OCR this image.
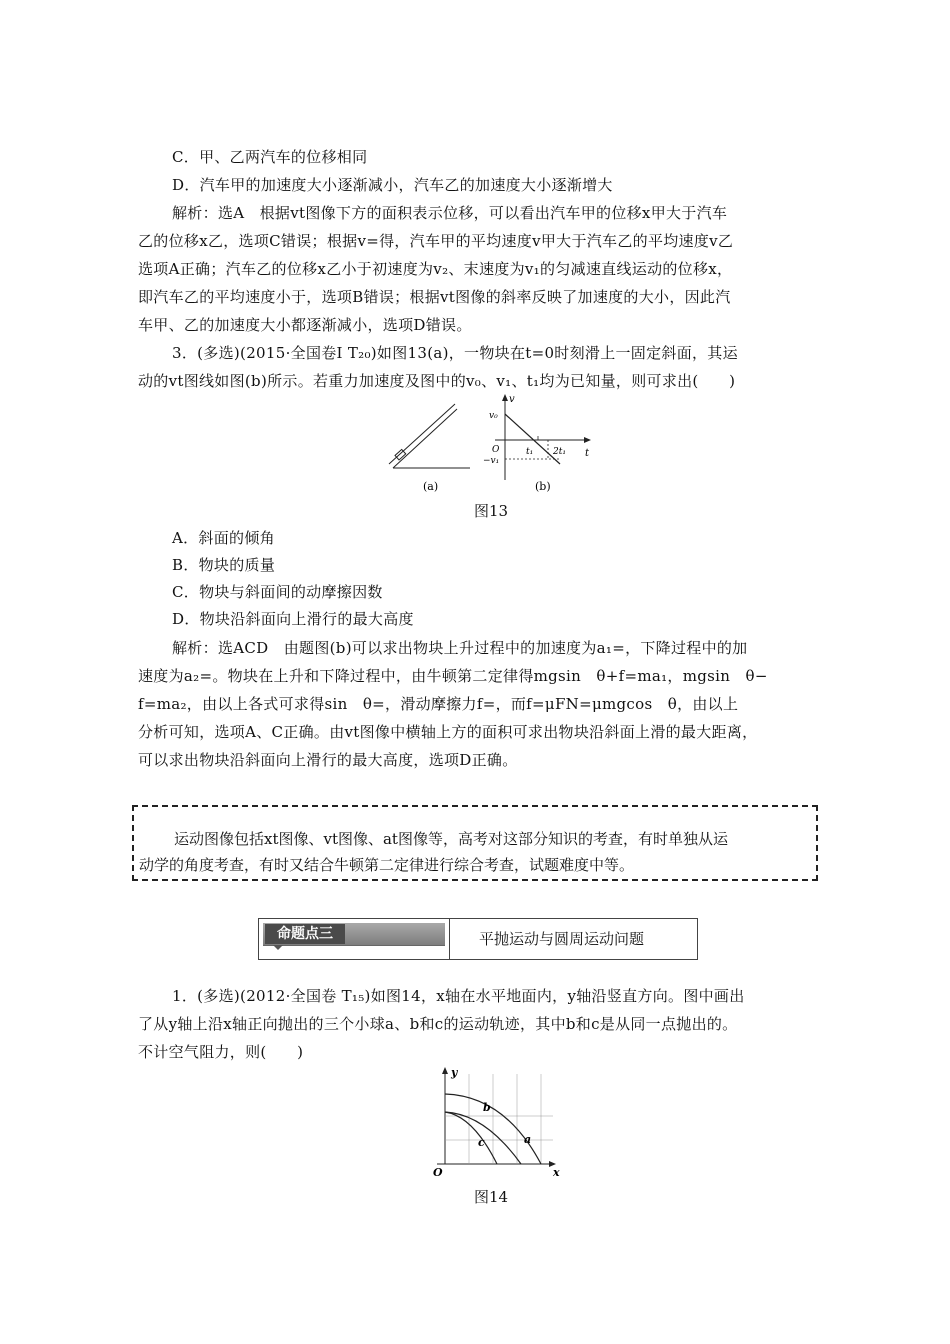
C．甲、乙两汽车的位移相同
D．汽车甲的加速度大小逐渐减小，汽车乙的加速度大小逐渐增大
解析：选A　根据vt图像下方的面积表示位移，可以看出汽车甲的位移x甲大于汽车
乙的位移x乙，选项C错误；根据v=得，汽车甲的平均速度v甲大于汽车乙的平均速度v乙
选项A正确；汽车乙的位移x乙小于初速度为v₂、末速度为v₁的匀减速直线运动的位移x，
即汽车乙的平均速度小于，选项B错误；根据vt图像的斜率反映了加速度的大小，因此汽
车甲、乙的加速度大小都逐渐减小，选项D错误。
3．(多选)(2015·全国卷Ⅰ T₂₀)如图13(a)，一物块在t=0时刻滑上一固定斜面，其运
动的vt图线如图(b)所示。若重力加速度及图中的v₀、v₁、t₁均为已知量，则可求出(　　)
(a)
v
t
v₀
−v₁
O	t₁ 2t₁
(b)
图13
A．斜面的倾角
B．物块的质量
C．物块与斜面间的动摩擦因数
D．物块沿斜面向上滑行的最大高度
解析：选ACD　由题图(b)可以求出物块上升过程中的加速度为a₁=，下降过程中的加
速度为a₂=。物块在上升和下降过程中，由牛顿第二定律得mgsin　θ+f=ma₁，mgsin　θ−
f=ma₂，由以上各式可求得sin　θ=，滑动摩擦力f=，而f=μFN=μmgcos　θ，由以上
分析可知，选项A、C正确。由vt图像中横轴上方的面积可求出物块沿斜面上滑的最大距离，
可以求出物块沿斜面向上滑行的最大高度，选项D正确。
运动图像包括xt图像、vt图像、at图像等，高考对这部分知识的考查，有时单独从运
动学的角度考查，有时又结合牛顿第二定律进行综合考查，试题难度中等。
命题点三	平抛运动与圆周运动问题
1．(多选)(2012·全国卷 T₁₅)如图14，x轴在水平地面内，y轴沿竖直方向。图中画出
了从y轴上沿x轴正向抛出的三个小球a、b和c的运动轨迹，其中b和c是从同一点抛出的。
不计空气阻力，则(　　)
y
x
O
a
b
c
图14
